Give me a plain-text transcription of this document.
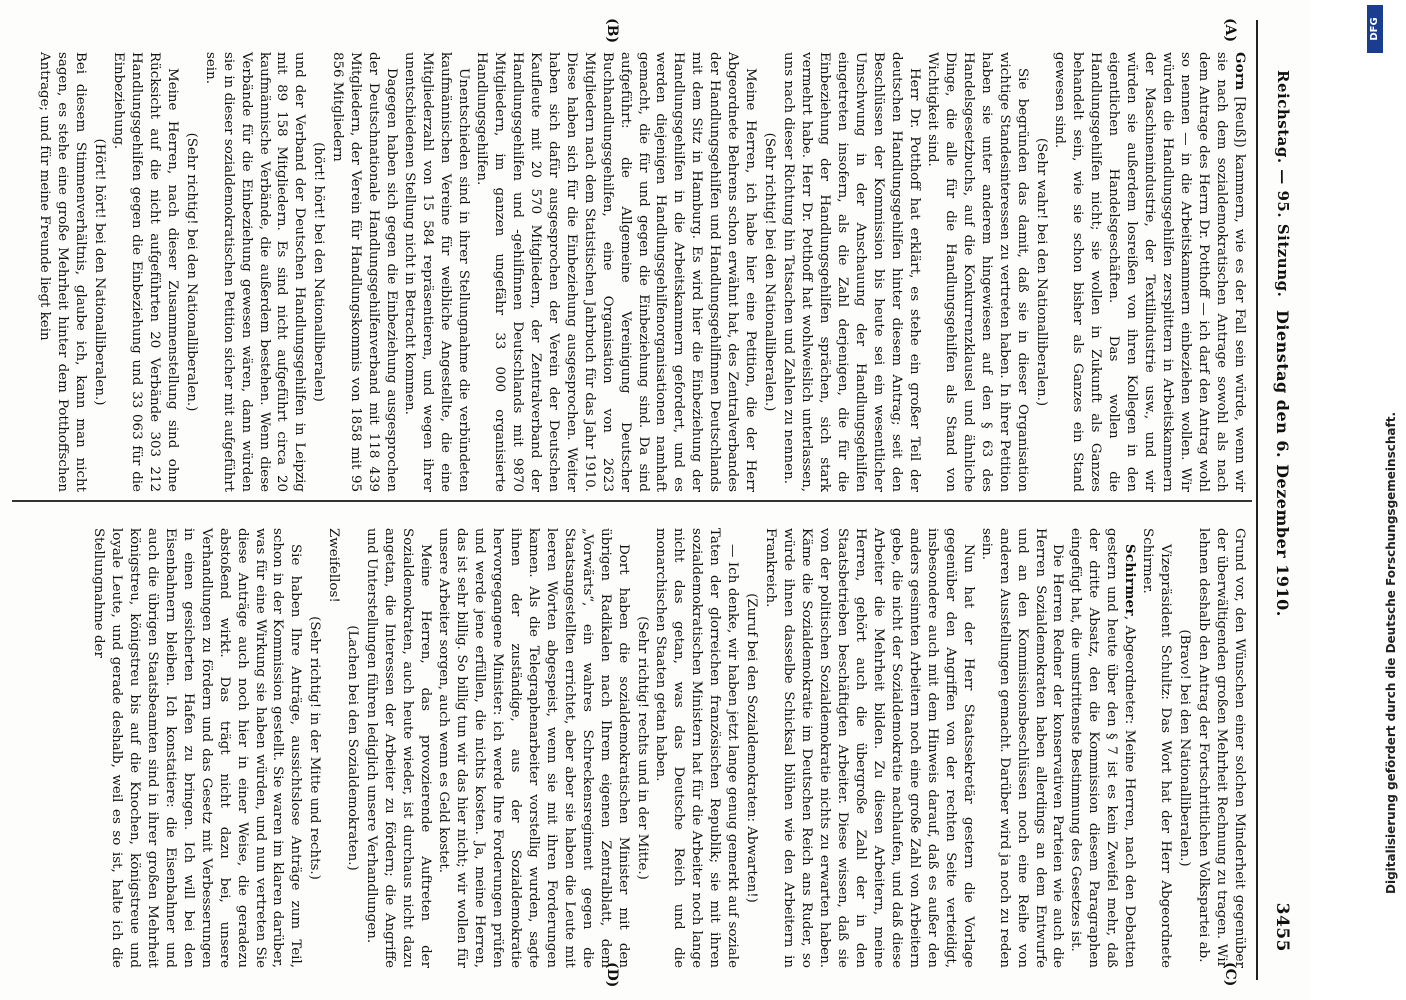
Reichstag. — 95. Sitzung.
Dienstag den 6. Dezember 1910.
3455
(A)
(B)
(C)
(D)

Gorn [Reuß]) kammern, wie es der Fall sein würde, wenn wir sie nach dem sozialdemokratischen Antrage sowohl als nach dem Antrage des Herrn Dr. Potthoff — ich darf den Antrag wohl so nennen — in die Arbeitskammern einbeziehen wollen. Wir würden die Handlungsgehilfen zersplittern in Arbeitskammern der Maschinenindustrie, der Textilindustrie usw., und wir würden sie außerdem losreißen von ihren Kollegen in den eigentlichen Handelsgeschäften. Das wollen die Handlungsgehilfen nicht; sie wollen in Zukunft als Ganzes behandelt sein, wie sie schon bisher als Ganzes ein Stand gewesen sind.

(Sehr wahr! bei den Nationalliberalen.)

Sie begründen das damit, daß sie in dieser Organisation wichtige Standesinteressen zu vertreten haben. In ihrer Petition haben sie unter anderem hingewiesen auf den § 63 des Handelsgesetzbuchs, auf die Konkurrenzklausel und ähnliche Dinge, die alle für die Handlungsgehilfen als Stand von Wichtigkeit sind.

Herr Dr. Potthoff hat erklärt, es stehe ein großer Teil der deutschen Handlungsgehilfen hinter diesem Antrag; seit den Beschlüssen der Kommission bis heute sei ein wesentlicher Umschwung in der Anschauung der Handlungsgehilfen eingetreten insofern, als die Zahl derjenigen, die für die Einbeziehung der Handlungsgehilfen sprächen, sich stark vermehrt habe. Herr Dr. Potthoff hat wohlweislich unterlassen, uns nach dieser Richtung hin Tatsachen und Zahlen zu nennen.

(Sehr richtig! bei den Nationalliberalen.)

Meine Herren, ich habe hier eine Petition, die der Herr Abgeordnete Behrens schon erwähnt hat, des Zentralverbandes der Handlungsgehilfen und Handlungsgehilfinnen Deutschlands mit dem Sitz in Hamburg. Es wird hier die Einbeziehung der Handlungsgehilfen in die Arbeitskammern gefordert, und es werden diejenigen Handlungsgehilfenorganisationen namhaft gemacht, die für und gegen die Einbeziehung sind. Da sind aufgeführt: die Allgemeine Vereinigung Deutscher Buchhandlungsgehilfen, eine Organisation von 2623 Mitgliedern nach dem Statistischen Jahrbuch für das Jahr 1910. Diese haben sich für die Einbeziehung ausgesprochen. Weiter haben sich dafür ausgesprochen der Verein der Deutschen Kaufleute mit 20 570 Mitgliedern, der Zentralverband der Handlungsgehilfen und -gehilfinnen Deutschlands mit 9870 Mitgliedern, im ganzen ungefähr 33 000 organisierte Handlungsgehilfen.

Unentschieden sind in ihrer Stellungnahme die verbündeten kaufmännischen Vereine für weibliche Angestellte, die eine Mitgliederzahl von 15 584 repräsentieren, und wegen ihrer unentschiedenen Stellung nicht in Betracht kommen.

Dagegen haben sich gegen die Einbeziehung ausgesprochen der Deutschnationale Handlungsgehilfenverband mit 118 439 Mitgliedern, der Verein für Handlungskommis von 1858 mit 95 856 Mitgliedern

(hört! hört! bei den Nationalliberalen)

und der Verband der Deutschen Handlungsgehilfen in Leipzig mit 89 158 Mitgliedern. Es sind nicht aufgeführt circa 20 kaufmännische Verbände, die außerdem bestehen. Wenn diese Verbände für die Einbeziehung gewesen wären, dann würden sie in dieser sozialdemokratischen Petition sicher mit aufgeführt sein.

(Sehr richtig! bei den Nationalliberalen.)

Meine Herren, nach dieser Zusammenstellung sind ohne Rücksicht auf die nicht aufgeführten 20 Verbände 303 212 Handlungsgehilfen gegen die Einbeziehung und 33 063 für die Einbeziehung.

(Hört! hört! bei den Nationalliberalen.)

Bei diesem Stimmenverhältnis, glaube ich, kann man nicht sagen, es stehe eine große Mehrheit hinter dem Potthoffschen Antrage; und für meine Freunde liegt kein

Grund vor, den Wünschen einer solchen Minderheit gegenüber der überwältigenden großen Mehrheit Rechnung zu tragen. Wir lehnen deshalb den Antrag der Fortschrittlichen Volkspartei ab.

(Bravo! bei den Nationalliberalen.)

Vizepräsident Schultz: Das Wort hat der Herr Abgeordnete Schirmer.

Schirmer, Abgeordneter: Meine Herren, nach den Debatten gestern und heute über den § 7 ist es kein Zweifel mehr, daß der dritte Absatz, den die Kommission diesem Paragraphen eingefügt hat, die umstrittenste Bestimmung des Gesetzes ist.

Die Herren Redner der konservativen Parteien wie auch die Herren Sozialdemokraten haben allerdings an dem Entwurfe und an den Kommissionsbeschlüssen noch eine Reihe von anderen Ausstellungen gemacht. Darüber wird ja noch zu reden sein.

Nun hat der Herr Staatssekretär gestern die Vorlage gegenüber den Angriffen von der rechten Seite verteidigt, insbesondere auch mit dem Hinweis darauf, daß es außer den anders gesinnten Arbeitern noch eine große Zahl von Arbeitern gebe, die nicht der Sozialdemokratie nachlaufen, und daß diese Arbeiter die Mehrheit bilden. Zu diesen Arbeitern, meine Herren, gehört auch die übergroße Zahl der in den Staatsbetrieben beschäftigten Arbeiter. Diese wissen, daß sie von der politischen Sozialdemokratie nichts zu erwarten haben. Käme die Sozialdemokratie im Deutschen Reich ans Ruder, so würde ihnen dasselbe Schicksal blühen wie den Arbeitern in Frankreich.

(Zuruf bei den Sozialdemokraten: Abwarten!)

— Ich denke, wir haben jetzt lange genug gemerkt auf soziale Taten der glorreichen französischen Republik; sie mit ihren sozialdemokratischen Ministern hat für die Arbeiter noch lange nicht das getan, was das Deutsche Reich und die monarchischen Staaten getan haben.

(Sehr richtig! rechts und in der Mitte.)

Dort haben die sozialdemokratischen Minister mit den übrigen Radikalen nach Ihrem eigenen Zentralblatt, dem „Vorwärts“, ein wahres Schreckensregiment gegen die Staatsangestellten errichtet, aber aber sie haben die Leute mit leeren Worten abgespeist, wenn sie mit ihren Forderungen kamen. Als die Telegraphenarbeiter vorstellig wurden, sagte ihnen der zuständige, aus der Sozialdemokratie hervorgegangene Minister: ich werde Ihre Forderungen prüfen und werde jene erfüllen, die nichts kosten. Ja, meine Herren, das ist sehr billig. So billig tun wir das hier nicht; wir wollen für unsere Arbeiter sorgen, auch wenn es Geld kostet.

Meine Herren, das provozierende Auftreten der Sozialdemokraten, auch heute wieder, ist durchaus nicht dazu angetan, die Interessen der Arbeiter zu fördern; die Angriffe und Unterstellungen führen lediglich unsere Verhandlungen.

(Lachen bei den Sozialdemokraten.)

Zweifellos!

(Sehr richtig! in der Mitte und rechts.)

Sie haben Ihre Anträge, aussichtslose Anträge zum Teil, schon in der Kommission gestellt. Sie waren im klaren darüber, was für eine Wirkung sie haben würden, und nun vertreten Sie diese Anträge auch noch hier in einer Weise, die geradezu abstoßend wirkt. Das trägt nicht dazu bei, unsere Verhandlungen zu fördern und das Gesetz mit Verbesserungen in einen gesicherten Hafen zu bringen. Ich will bei den Eisenbahnern bleiben. Ich konstatiere: die Eisenbahner und auch die übrigen Staatsbeamten sind in ihrer großen Mehrheit königstreu, königstreu bis auf die Knochen, königstreue und loyale Leute, und gerade deshalb, weil es so ist, halte ich die Stellungnahme der	Digitalisierung gefördert durch die Deutsche Forschungsgemeinschaft.
DFG
